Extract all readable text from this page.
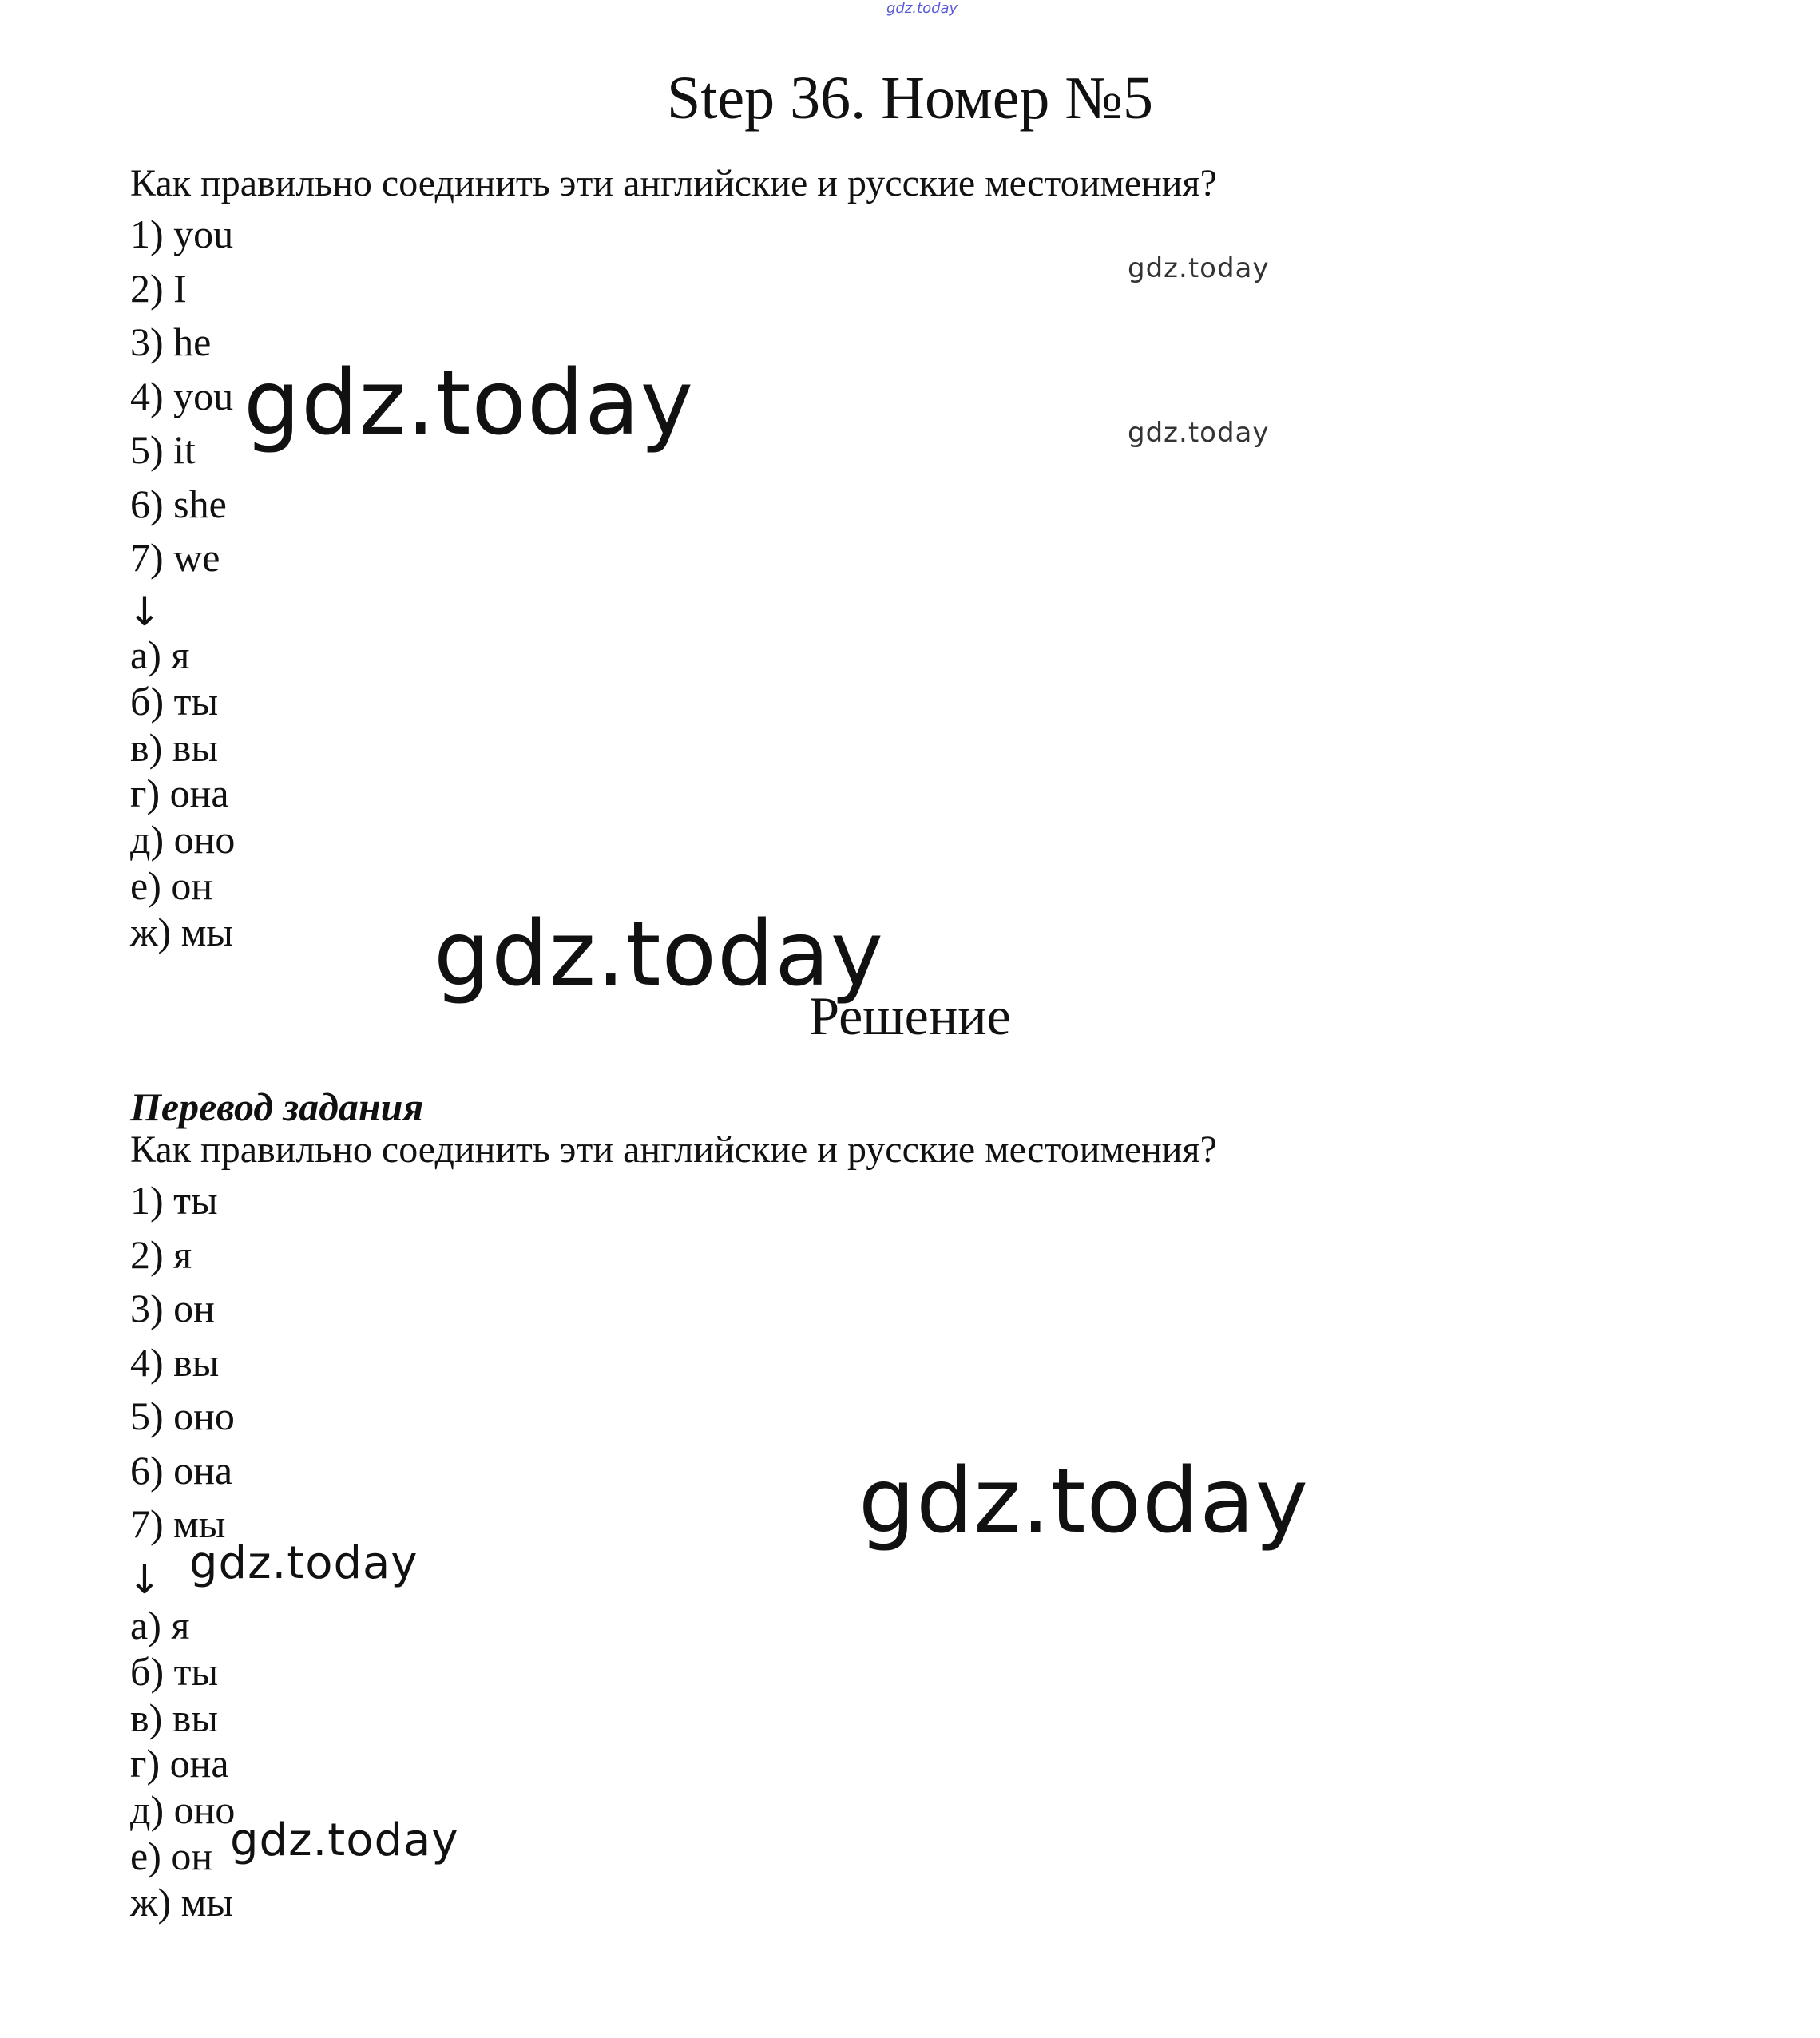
gdz.today
Step 36. Номер №5
Как правильно соединить эти английские и русские местоимения?
1) you
2) I
3) he
4) you
5) it
6) she
7) we
↓
а) я
б) ты
в) вы
г) она
д) оно
е) он
ж) мы
Решение
Перевод задания
Как правильно соединить эти английские и русские местоимения?
1) ты
2) я
3) он
4) вы
5) оно
6) она
7) мы
↓
а) я
б) ты
в) вы
г) она
д) оно
е) он
ж) мы
gdz.today
gdz.today
gdz.today
gdz.today
gdz.today
gdz.today
gdz.today
